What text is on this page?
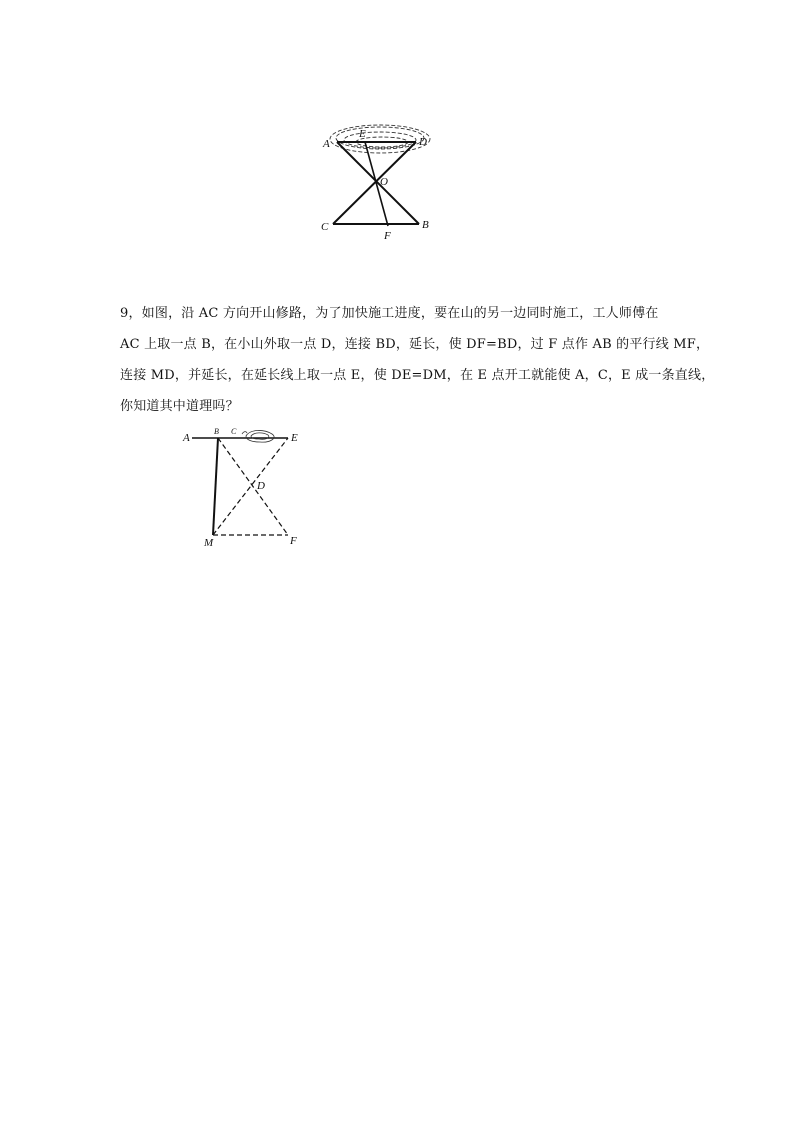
A
E
D
O
C
F
B

9，如图，沿 AC 方向开山修路，为了加快施工进度，要在山的另一边同时施工，工人师傅在

AC 上取一点 B，在小山外取一点 D，连接 BD，延长，使 DF=BD，过 F 点作 AB 的平行线 MF，

连接 MD，并延长，在延长线上取一点 E，使 DE=DM，在 E 点开工就能使 A，C，E 成一条直线，

你知道其中道理吗？

A
B C
E
D
M	F
